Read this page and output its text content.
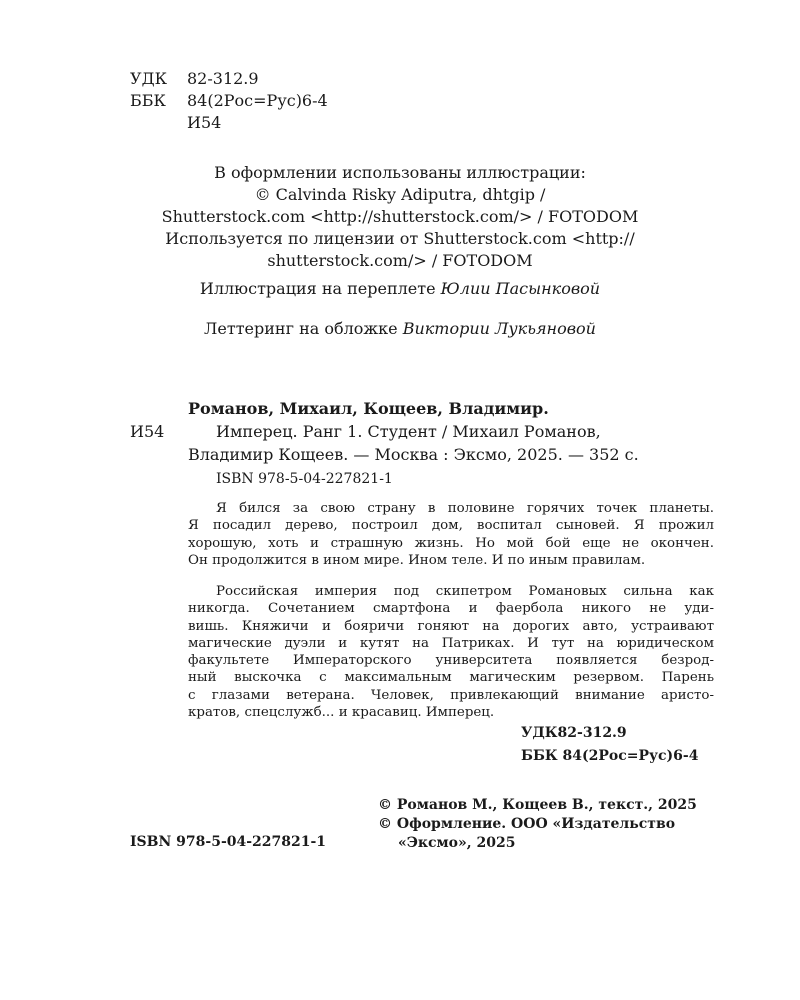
УДК	82-312.9
ББК	84(2Рос=Рус)6-4
И54
В оформлении использованы иллюстрации:
© Calvinda Risky Adiputra, dhtgip /
Shutterstock.com <http://shutterstock.com/> / FOTODOM
Используется по лицензии от Shutterstock.com <http://
shutterstock.com/> / FOTODOM
Иллюстрация на переплете Юлии Пасынковой
Леттеринг на обложке Виктории Лукьяновой
Романов, Михаил, Кощеев, Владимир.
И54	Имперец. Ранг 1. Студент / Михаил Романов,
Владимир Кощеев. — Москва : Эксмо, 2025. — 352 с.
ISBN 978-5-04-227821-1
Я бился за свою страну в половине горячих точек планеты.
Я посадил дерево, построил дом, воспитал сыновей. Я прожил
хорошую, хоть и страшную жизнь. Но мой бой еще не окончен.
Он продолжится в ином мире. Ином теле. И по иным правилам.
Российская империя под скипетром Романовых сильна как
никогда. Сочетанием смартфона и фаербола никого не уди-
вишь. Княжичи и бояричи гоняют на дорогих авто, устраивают
магические дуэли и кутят на Патриках. И тут на юридическом
факультете Императорского университета появляется безрод-
ный выскочка с максимальным магическим резервом. Парень
с глазами ветерана. Человек, привлекающий внимание аристо-
кратов, спецслужб... и красавиц. Имперец.
УДК82-312.9
ББК 84(2Рос=Рус)6-4
© Романов М., Кощеев В., текст., 2025
© Оформление. ООО «Издательство
«Эксмо», 2025
ISBN 978-5-04-227821-1
